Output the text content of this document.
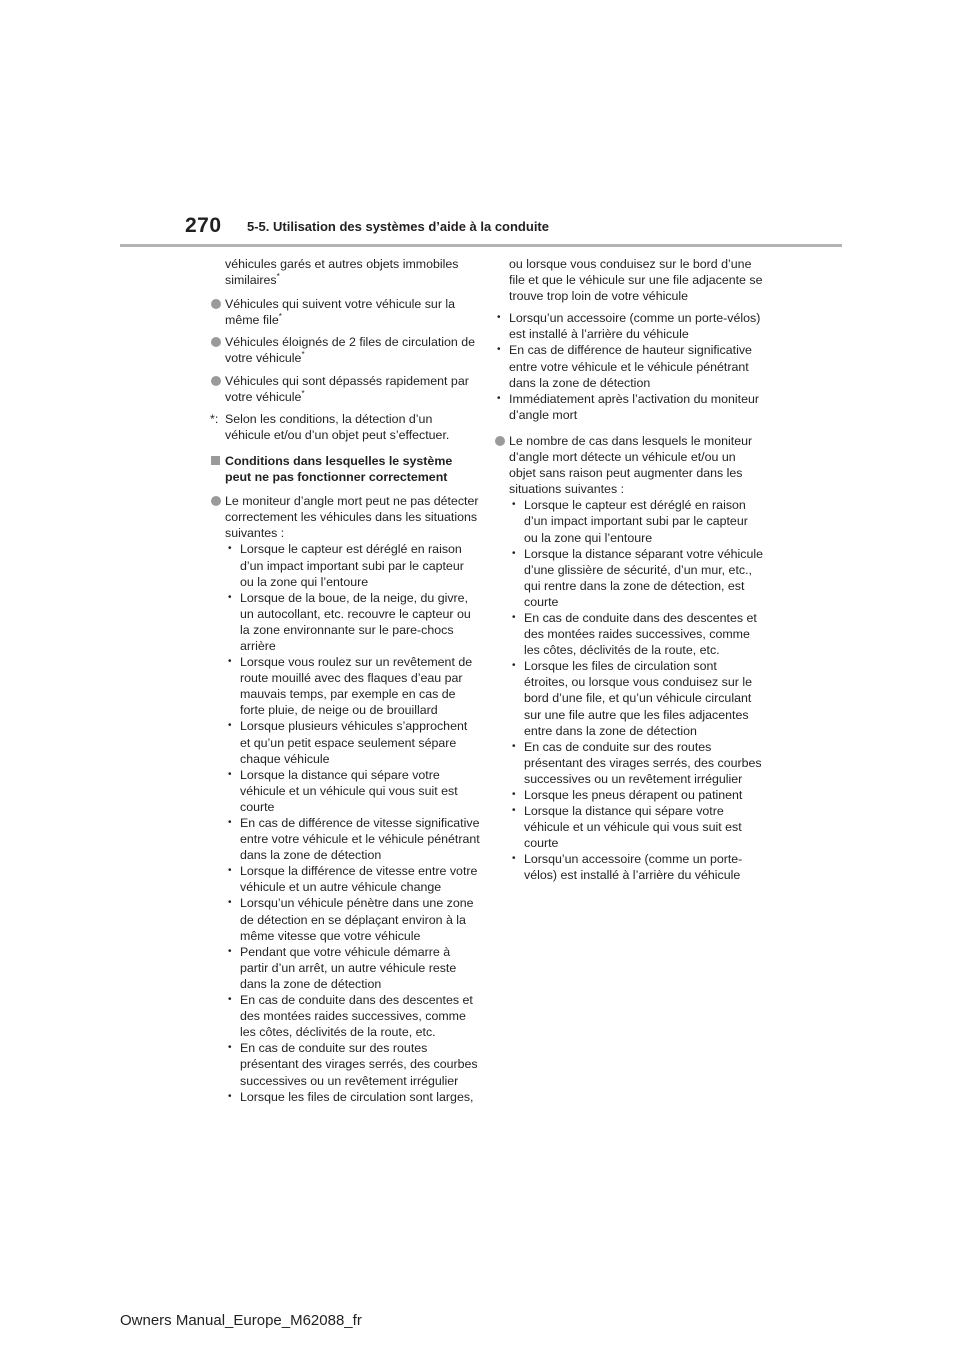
270 5-5. Utilisation des systèmes d’aide à la conduite

véhicules garés et autres objets immobiles similaires*

Véhicules qui suivent votre véhicule sur la même file*
Véhicules éloignés de 2 files de circulation de votre véhicule*
Véhicules qui sont dépassés rapidement par votre véhicule*
*: Selon les conditions, la détection d’un véhicule et/ou d’un objet peut s’effectuer.
Conditions dans lesquelles le système peut ne pas fonctionner correctement
Le moniteur d’angle mort peut ne pas détecter correctement les véhicules dans les situations suivantes :
• Lorsque le capteur est déréglé en raison d’un impact important subi par le capteur ou la zone qui l’entoure
• Lorsque de la boue, de la neige, du givre, un autocollant, etc. recouvre le capteur ou la zone environnante sur le pare-chocs arrière
• Lorsque vous roulez sur un revêtement de route mouillé avec des flaques d’eau par mauvais temps, par exemple en cas de forte pluie, de neige ou de brouillard
• Lorsque plusieurs véhicules s’approchent et qu’un petit espace seulement sépare chaque véhicule
• Lorsque la distance qui sépare votre véhicule et un véhicule qui vous suit est courte
• En cas de différence de vitesse significative entre votre véhicule et le véhicule pénétrant dans la zone de détection
• Lorsque la différence de vitesse entre votre véhicule et un autre véhicule change
• Lorsqu’un véhicule pénètre dans une zone de détection en se déplaçant environ à la même vitesse que votre véhicule
• Pendant que votre véhicule démarre à partir d’un arrêt, un autre véhicule reste dans la zone de détection
• En cas de conduite dans des descentes et des montées raides successives, comme les côtes, déclivités de la route, etc.
• En cas de conduite sur des routes présentant des virages serrés, des courbes successives ou un revêtement irrégulier
• Lorsque les files de circulation sont larges,
ou lorsque vous conduisez sur le bord d’une file et que le véhicule sur une file adjacente se trouve trop loin de votre véhicule
• Lorsqu’un accessoire (comme un porte-vélos) est installé à l’arrière du véhicule
• En cas de différence de hauteur significative entre votre véhicule et le véhicule pénétrant dans la zone de détection
• Immédiatement après l’activation du moniteur d’angle mort
Le nombre de cas dans lesquels le moniteur d’angle mort détecte un véhicule et/ou un objet sans raison peut augmenter dans les situations suivantes :
• Lorsque le capteur est déréglé en raison d’un impact important subi par le capteur ou la zone qui l’entoure
• Lorsque la distance séparant votre véhicule d’une glissière de sécurité, d’un mur, etc., qui rentre dans la zone de détection, est courte
• En cas de conduite dans des descentes et des montées raides successives, comme les côtes, déclivités de la route, etc.
• Lorsque les files de circulation sont étroites, ou lorsque vous conduisez sur le bord d’une file, et qu’un véhicule circulant sur une file autre que les files adjacentes entre dans la zone de détection
• En cas de conduite sur des routes présentant des virages serrés, des courbes successives ou un revêtement irrégulier
• Lorsque les pneus dérapent ou patinent
• Lorsque la distance qui sépare votre véhicule et un véhicule qui vous suit est courte
• Lorsqu’un accessoire (comme un porte-vélos) est installé à l’arrière du véhicule
Owners Manual_Europe_M62088_fr
